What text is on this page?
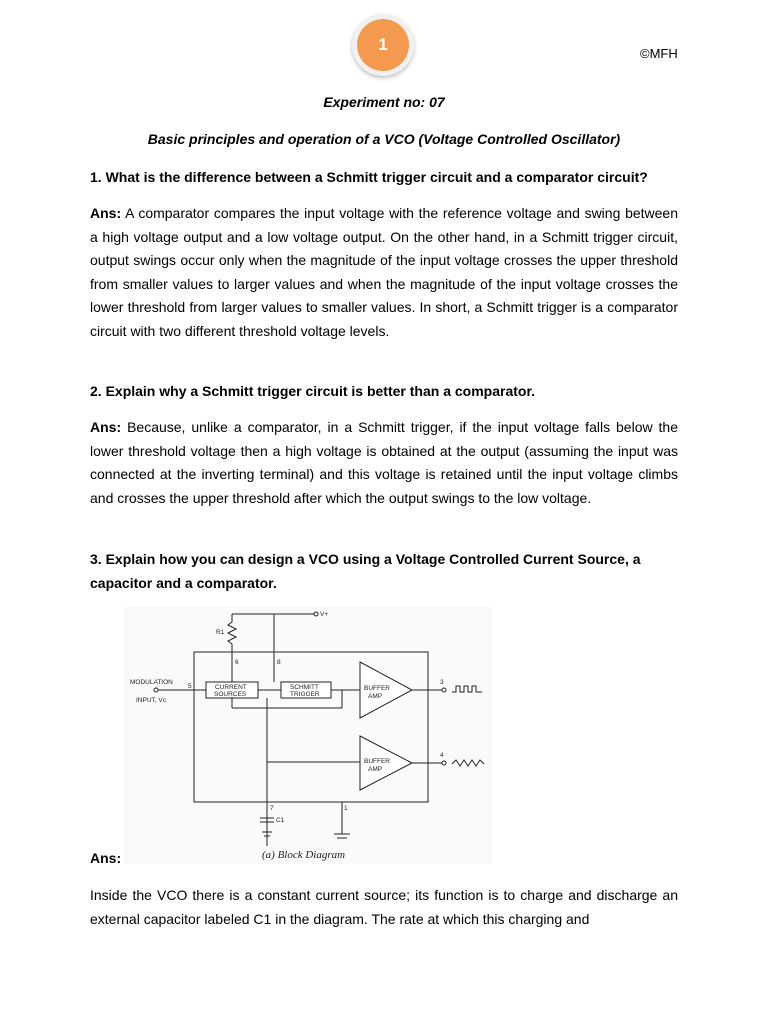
1	©MFH
Experiment no: 07
Basic principles and operation of a VCO (Voltage Controlled Oscillator)
1. What is the difference between a Schmitt trigger circuit and a comparator circuit?
Ans: A comparator compares the input voltage with the reference voltage and swing between a high voltage output and a low voltage output. On the other hand, in a Schmitt trigger circuit, output swings occur only when the magnitude of the input voltage crosses the upper threshold from smaller values to larger values and when the magnitude of the input voltage crosses the lower threshold from larger values to smaller values. In short, a Schmitt trigger is a comparator circuit with two different threshold voltage levels.
2. Explain why a Schmitt trigger circuit is better than a comparator.
Ans: Because, unlike a comparator, in a Schmitt trigger, if the input voltage falls below the lower threshold voltage then a high voltage is obtained at the output (assuming the input was connected at the inverting terminal) and this voltage is retained until the input voltage climbs and crosses the upper threshold after which the output swings to the low voltage.
3. Explain how you can design a VCO using a Voltage Controlled Current Source, a capacitor and a comparator.
V+
R1
6	8
5
3
4
7	1
C1
MODULATION
INPUT, Vc
CURRENT
SOURCES
SCHMITT
TRIGGER
BUFFER
AMP
BUFFER
AMP
(a) Block Diagram
Ans:
Inside the VCO there is a constant current source; its function is to charge and discharge an external capacitor labeled C1 in the diagram. The rate at which this charging and
